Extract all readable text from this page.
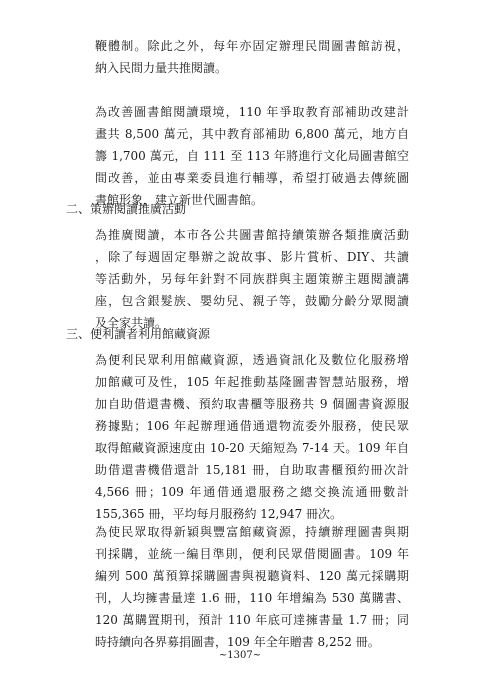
鞭體制。除此之外，每年亦固定辦理民間圖書館訪視，
納入民間力量共推閱讀。
為改善圖書館閱讀環境，110 年爭取教育部補助改建計
畫共 8,500 萬元，其中教育部補助 6,800 萬元，地方自
籌 1,700 萬元，自 111 至 113 年將進行文化局圖書館空
間改善，並由專業委員進行輔導，希望打破過去傳統圖
書館形象，建立新世代圖書館。
二、策辦閱讀推廣活動
為推廣閱讀，本市各公共圖書館持續策辦各類推廣活動
，除了每週固定舉辦之說故事、影片賞析、DIY、共讀
等活動外，另每年針對不同族群與主題策辦主題閱讀講
座，包含銀髮族、嬰幼兒、親子等，鼓勵分齡分眾閱讀
及全家共讀。
三、便利讀者利用館藏資源
為便利民眾利用館藏資源，透過資訊化及數位化服務增
加館藏可及性，105 年起推動基隆圖書智慧站服務，增
加自助借還書機、預約取書櫃等服務共 9 個圖書資源服
務據點；106 年起辦理通借通還物流委外服務，使民眾
取得館藏資源速度由 10-20 天縮短為 7-14 天。109 年自
助借還書機借還計 15,181 冊，自助取書櫃預約冊次計
4,566 冊；109 年通借通還服務之總交換流通冊數計
155,365 冊，平均每月服務約 12,947 冊次。
為使民眾取得新穎與豐富館藏資源，持續辦理圖書與期
刊採購，並統一編目準則，便利民眾借閱圖書。109 年
編列 500 萬預算採購圖書與視聽資料、120 萬元採購期
刊，人均擁書量達 1.6 冊，110 年增編為 530 萬購書、
120 萬購置期刊，預計 110 年底可達擁書量 1.7 冊；同
時持續向各界募捐圖書，109 年全年贈書 8,252 冊。
~1307~
